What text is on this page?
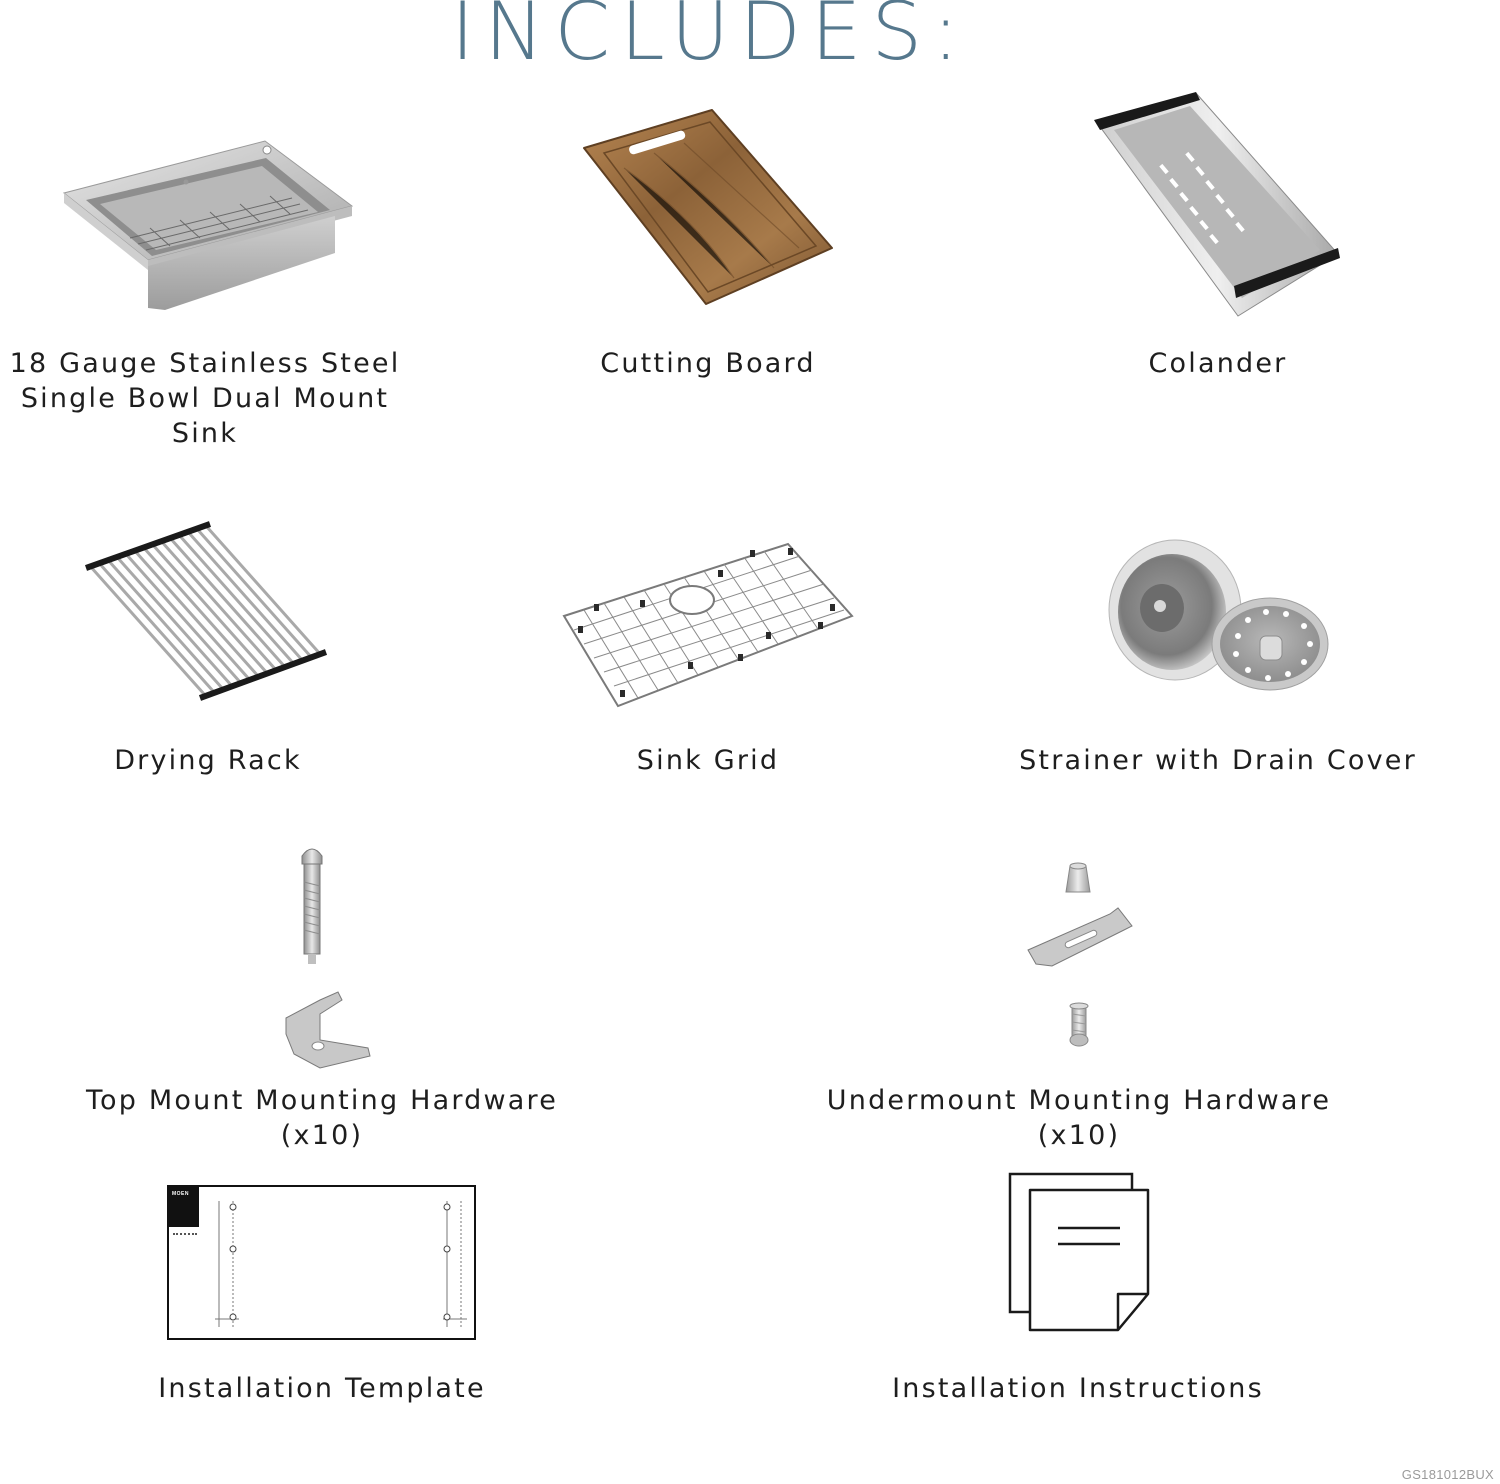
INCLUDES:
18 Gauge Stainless Steel
Single Bowl Dual Mount Sink
Cutting Board	Colander
Drying Rack	Sink Grid	Strainer with Drain Cover
Top Mount Mounting Hardware (x10)
Undermount Mounting Hardware (x10)
MOEN
Installation Template	Installation Instructions
GS181012BUX
